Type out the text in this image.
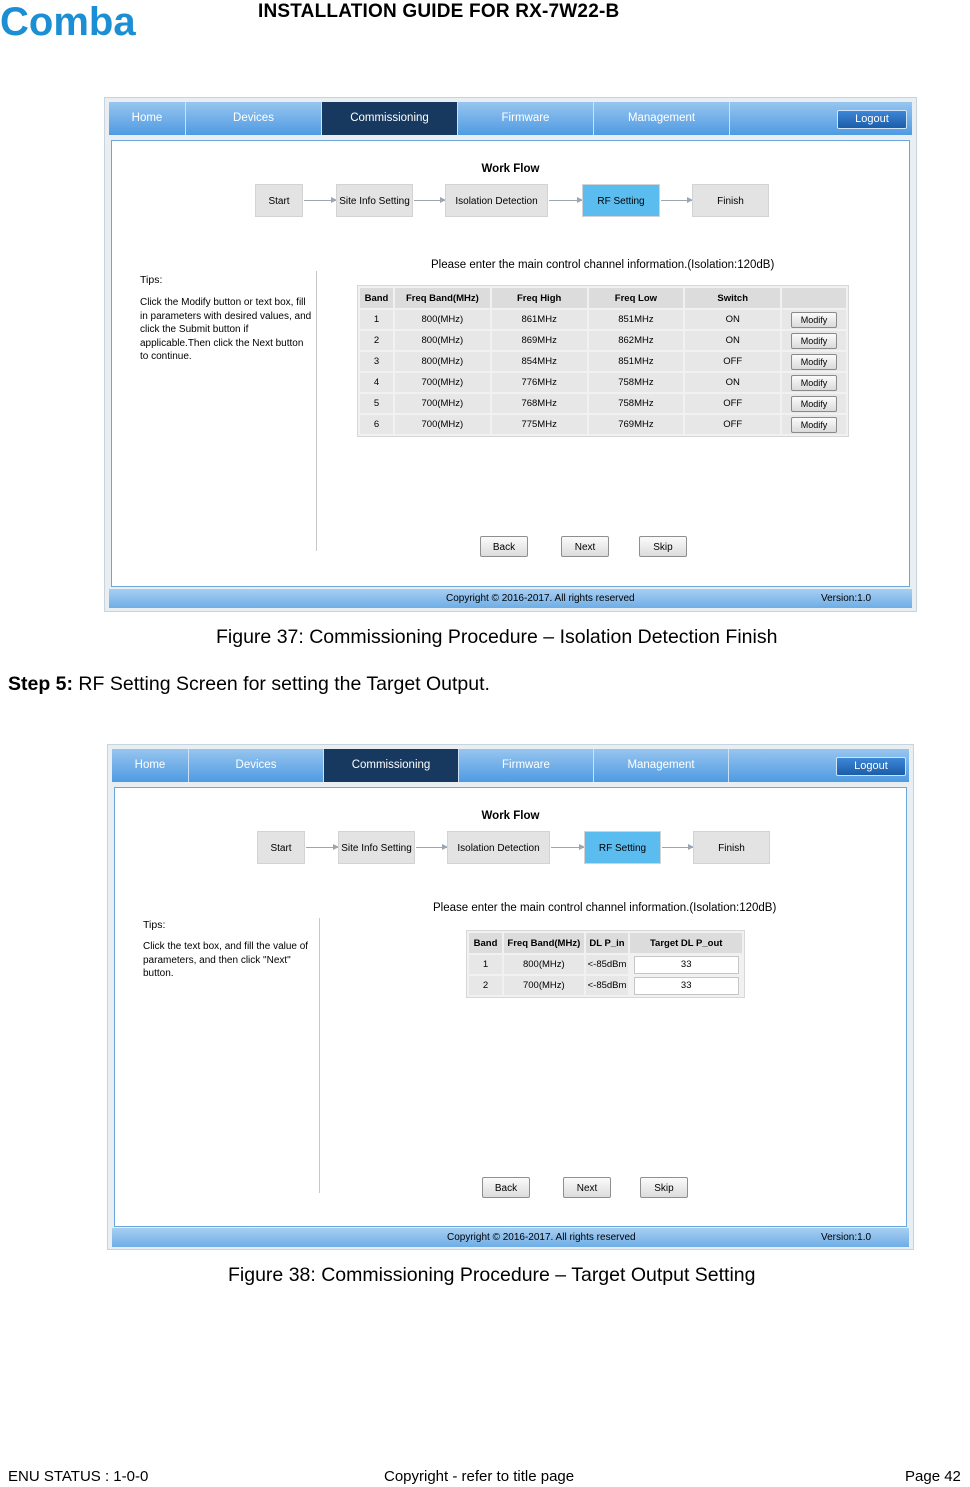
Comba	INSTALLATION GUIDE FOR RX-7W22-B
Home	Devices	Commissioning	Firmware	Management	Logout
Work Flow
Start	Site Info Setting	Isolation Detection	RF Setting	Finish
Please enter the main control channel information.(Isolation:120dB)
Tips:
Click the Modify button or text box, fill in parameters with desired values, and click the Submit button if applicable.Then click the Next button to continue.
Band	Freq Band(MHz)	Freq High	Freq Low	Switch	
1	800(MHz)	861MHz	851MHz	ON	Modify
2	800(MHz)	869MHz	862MHz	ON	Modify
3	800(MHz)	854MHz	851MHz	OFF	Modify
4	700(MHz)	776MHz	758MHz	ON	Modify
5	700(MHz)	768MHz	758MHz	OFF	Modify
6	700(MHz)	775MHz	769MHz	OFF	Modify
Back	Next	Skip
Copyright © 2016-2017. All rights reserved	Version:1.0
Figure 37: Commissioning Procedure – Isolation Detection Finish
Step 5: RF Setting Screen for setting the Target Output.
Home	Devices	Commissioning	Firmware	Management	Logout
Work Flow
Start	Site Info Setting	Isolation Detection	RF Setting	Finish
Please enter the main control channel information.(Isolation:120dB)
Tips:
Click the text box, and fill the value of parameters, and then click "Next" button.
Band	Freq Band(MHz)	DL P_in	Target DL P_out
1	800(MHz)	<-85dBm	33

2	700(MHz)	<-85dBm	33
Back	Next	Skip
Copyright © 2016-2017. All rights reserved	Version:1.0
Figure 38: Commissioning Procedure – Target Output Setting
ENU STATUS : 1-0-0	Copyright - refer to title page	Page 42
